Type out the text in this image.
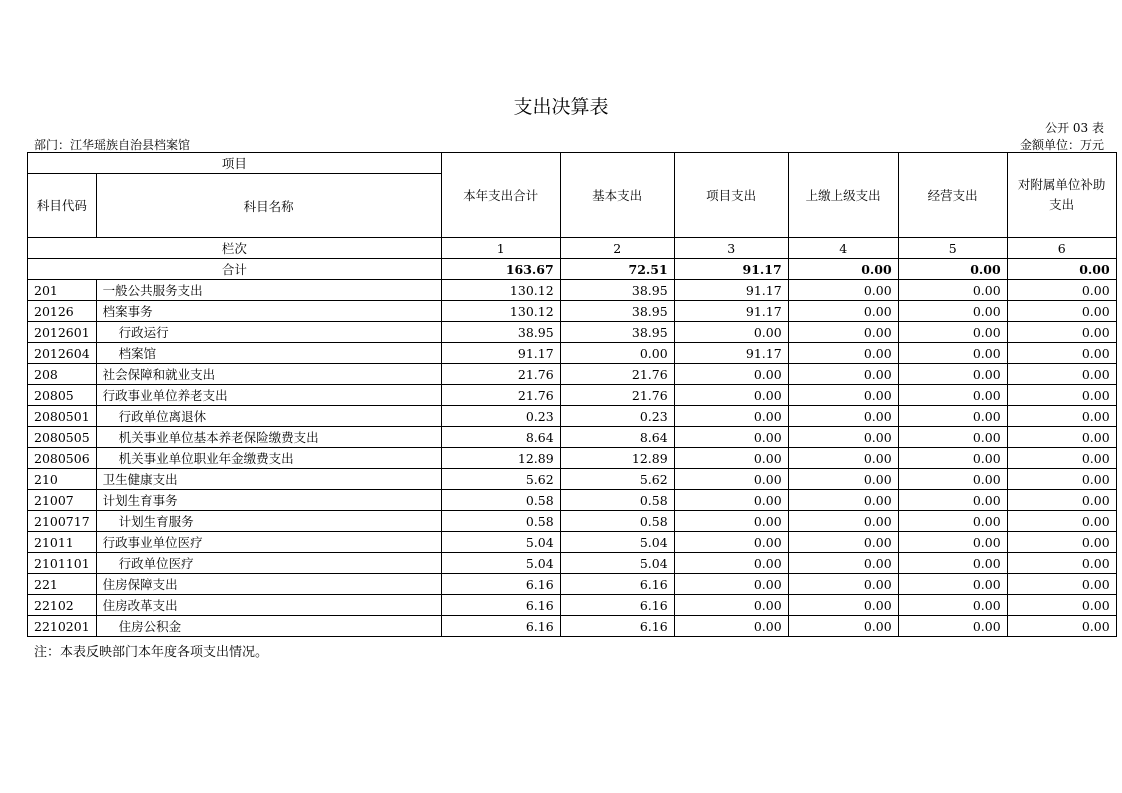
支出决算表
公开 03 表
部门：江华瑶族自治县档案馆	金额单位：万元
项目		本年支出合计	基本支出	项目支出	上缴上级支出	经营支出	对附属单位补助支出
科目代码	科目名称						
栏次		1	2	3	4	5	6
合计		163.67	72.51	91.17	0.00	0.00	0.00
201	一般公共服务支出	130.12	38.95	91.17	0.00	0.00	0.00
20126	档案事务	130.12	38.95	91.17	0.00	0.00	0.00
2012601	行政运行	38.95	38.95	0.00	0.00	0.00	0.00
2012604	档案馆	91.17	0.00	91.17	0.00	0.00	0.00
208	社会保障和就业支出	21.76	21.76	0.00	0.00	0.00	0.00
20805	行政事业单位养老支出	21.76	21.76	0.00	0.00	0.00	0.00
2080501	行政单位离退休	0.23	0.23	0.00	0.00	0.00	0.00
2080505	机关事业单位基本养老保险缴费支出	8.64	8.64	0.00	0.00	0.00	0.00
2080506	机关事业单位职业年金缴费支出	12.89	12.89	0.00	0.00	0.00	0.00
210	卫生健康支出	5.62	5.62	0.00	0.00	0.00	0.00
21007	计划生育事务	0.58	0.58	0.00	0.00	0.00	0.00
2100717	计划生育服务	0.58	0.58	0.00	0.00	0.00	0.00
21011	行政事业单位医疗	5.04	5.04	0.00	0.00	0.00	0.00
2101101	行政单位医疗	5.04	5.04	0.00	0.00	0.00	0.00
221	住房保障支出	6.16	6.16	0.00	0.00	0.00	0.00
22102	住房改革支出	6.16	6.16	0.00	0.00	0.00	0.00
2210201	住房公积金	6.16	6.16	0.00	0.00	0.00	0.00
注：本表反映部门本年度各项支出情况。
